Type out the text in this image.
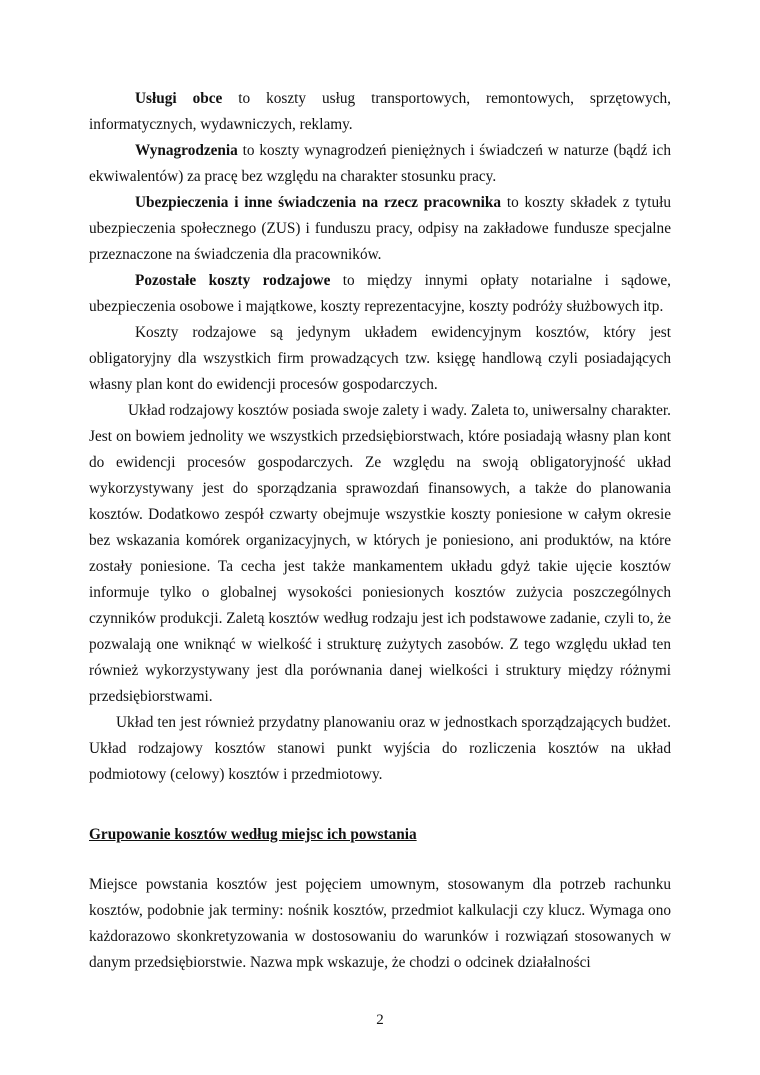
Usługi obce to koszty usług transportowych, remontowych, sprzętowych, informatycznych, wydawniczych, reklamy.

Wynagrodzenia to koszty wynagrodzeń pieniężnych i świadczeń w naturze (bądź ich ekwiwalentów) za pracę bez względu na charakter stosunku pracy.

Ubezpieczenia i inne świadczenia na rzecz pracownika to koszty składek z tytułu ubezpieczenia społecznego (ZUS) i funduszu pracy, odpisy na zakładowe fundusze specjalne przeznaczone na świadczenia dla pracowników.

Pozostałe koszty rodzajowe to między innymi opłaty notarialne i sądowe, ubezpieczenia osobowe i majątkowe, koszty reprezentacyjne, koszty podróży służbowych itp.

Koszty rodzajowe są jedynym układem ewidencyjnym kosztów, który jest obligatoryjny dla wszystkich firm prowadzących tzw. księgę handlową czyli posiadających własny plan kont do ewidencji procesów gospodarczych.

Układ rodzajowy kosztów posiada swoje zalety i wady. Zaleta to, uniwersalny charakter. Jest on bowiem jednolity we wszystkich przedsiębiorstwach, które posiadają własny plan kont do ewidencji procesów gospodarczych. Ze względu na swoją obligatoryjność układ wykorzystywany jest do sporządzania sprawozdań finansowych, a także do planowania kosztów. Dodatkowo zespół czwarty obejmuje wszystkie koszty poniesione w całym okresie bez wskazania komórek organizacyjnych, w których je poniesiono, ani produktów, na które zostały poniesione. Ta cecha jest także mankamentem układu gdyż takie ujęcie kosztów informuje tylko o globalnej wysokości poniesionych kosztów zużycia poszczególnych czynników produkcji. Zaletą kosztów według rodzaju jest ich podstawowe zadanie, czyli to, że pozwalają one wniknąć w wielkość i strukturę zużytych zasobów. Z tego względu układ ten również wykorzystywany jest dla porównania danej wielkości i struktury między różnymi przedsiębiorstwami.

Układ ten jest również przydatny planowaniu oraz w jednostkach sporządzających budżet. Układ rodzajowy kosztów stanowi punkt wyjścia do rozliczenia kosztów na układ podmiotowy (celowy) kosztów i przedmiotowy.

Grupowanie kosztów według miejsc ich powstania

Miejsce powstania kosztów jest pojęciem umownym, stosowanym dla potrzeb rachunku kosztów, podobnie jak terminy: nośnik kosztów, przedmiot kalkulacji czy klucz. Wymaga ono każdorazowo skonkretyzowania w dostosowaniu do warunków i rozwiązań stosowanych w danym przedsiębiorstwie. Nazwa mpk wskazuje, że chodzi o odcinek działalności

2
